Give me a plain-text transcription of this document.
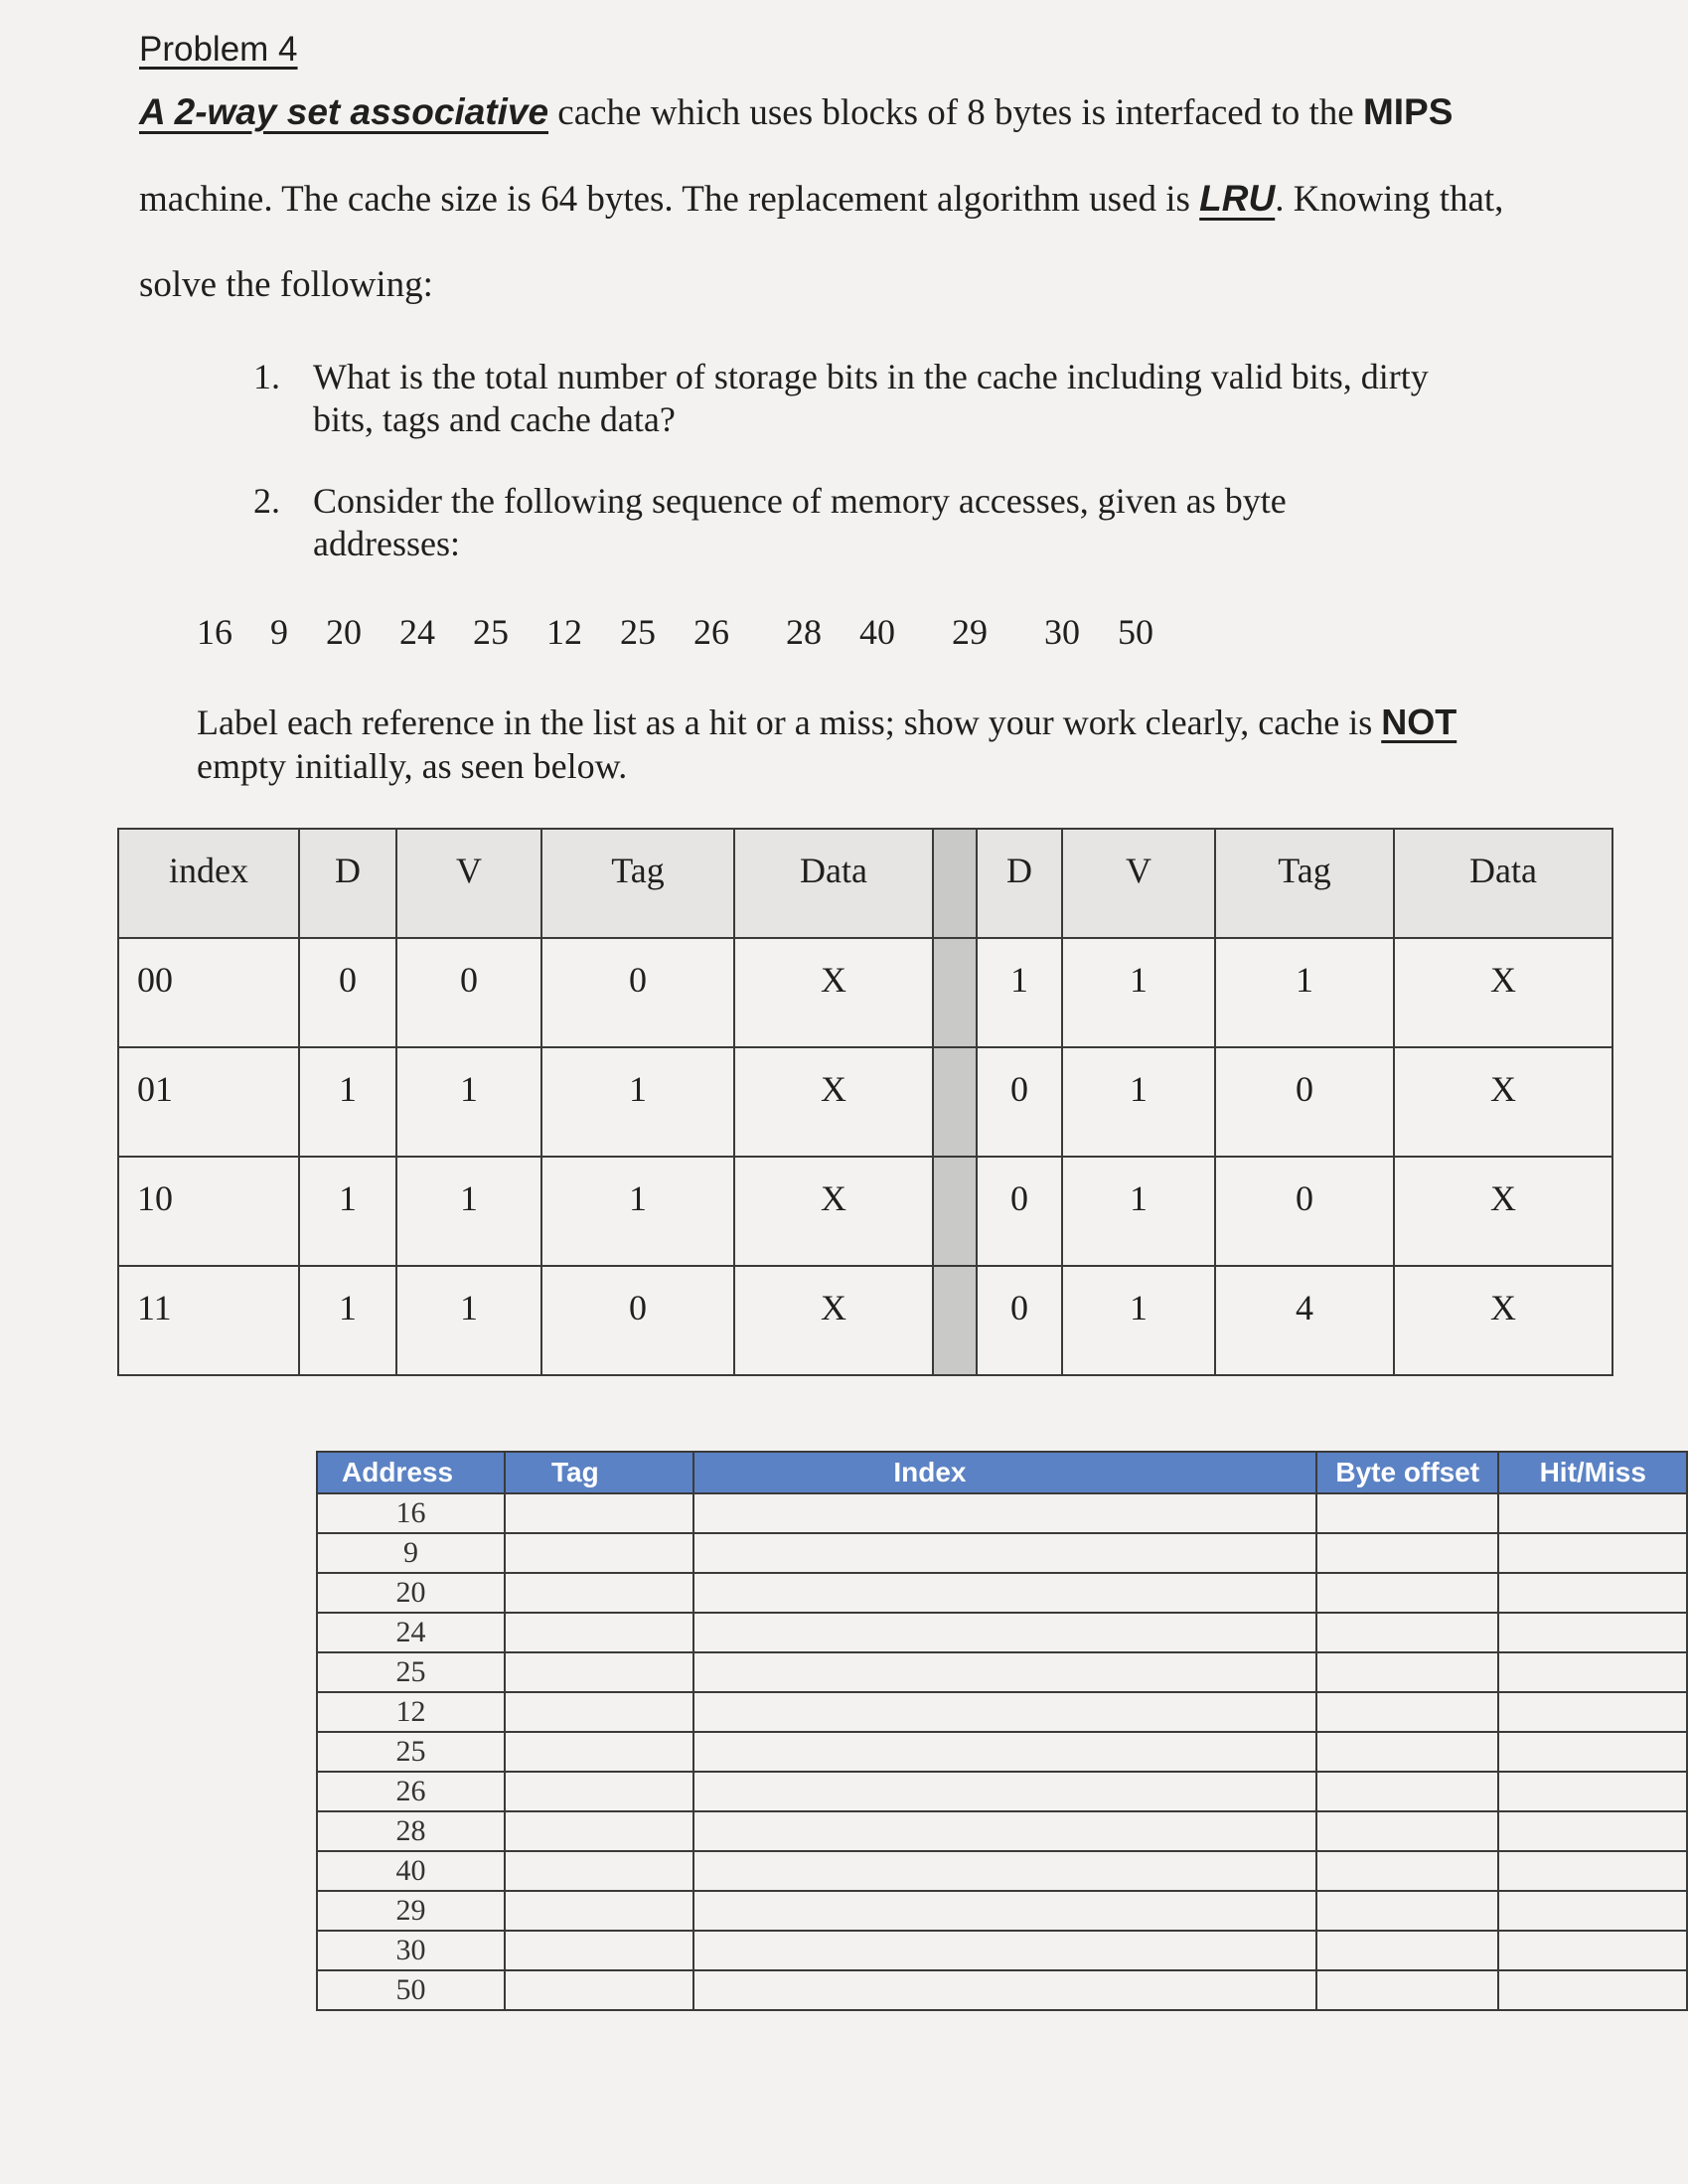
Problem 4

A 2-way set associative cache which uses blocks of 8 bytes is interfaced to the MIPS machine. The cache size is 64 bytes. The replacement algorithm used is LRU. Knowing that, solve the following:

1. What is the total number of storage bits in the cache including valid bits, dirty bits, tags and cache data?
2. Consider the following sequence of memory accesses, given as byte addresses:
16  9  20  24  25  12  25  26   28  40   29   30  50
Label each reference in the list as a hit or a miss; show your work clearly, cache is NOT empty initially, as seen below.
index	D	V	Tag	Data		D	V	Tag	Data
00	0	0	0	X		1	1	1	X
01	1	1	1	X		0	1	0	X
10	1	1	1	X		0	1	0	X
11	1	1	0	X		0	1	4	X
Address	Tag	Index	Byte offset	Hit/Miss
16				
9				
20				
24				
25				
12				
25				
26				
28				
40				
29				
30				
50				
